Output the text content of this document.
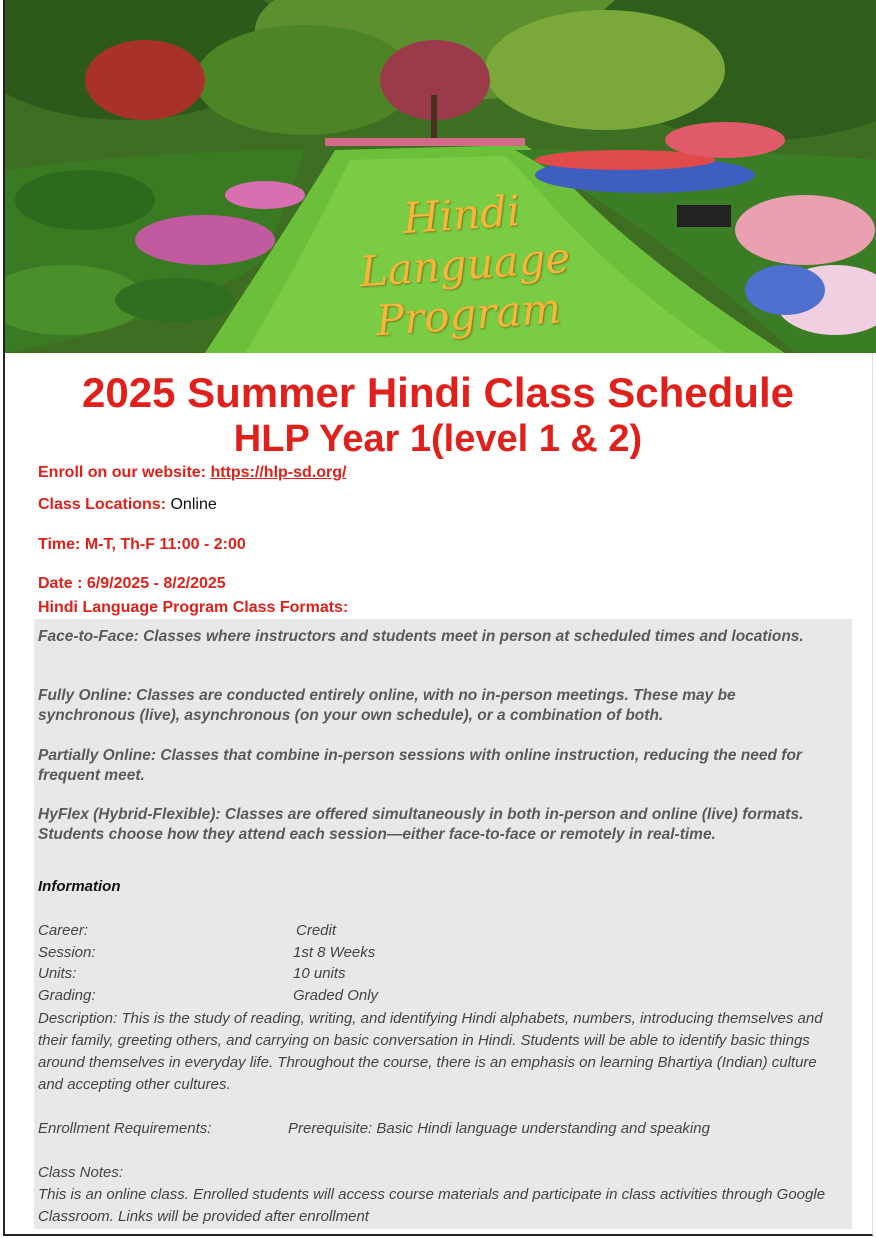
Hindi Language
Program
2025 Summer Hindi Class Schedule
HLP Year 1(level 1 & 2)
Enroll on our website: https://hlp-sd.org/
Class Locations: Online
Time: M-T, Th-F 11:00 - 2:00
Date : 6/9/2025 - 8/2/2025
Hindi Language Program Class Formats:

Face-to-Face: Classes where instructors and students meet in person at scheduled times and locations.

Fully Online: Classes are conducted entirely online, with no in-person meetings. These may be synchronous (live), asynchronous (on your own schedule), or a combination of both.

Partially Online: Classes that combine in-person sessions with online instruction, reducing the need for frequent meet.

HyFlex (Hybrid-Flexible): Classes are offered simultaneously in both in-person and online (live) formats. Students choose how they attend each session—either face-to-face or remotely in real-time.

Information

Career:	Credit
Session:	1st 8 Weeks
Units:	10 units
Grading:	Graded Only

Description: This is the study of reading, writing, and identifying Hindi alphabets, numbers, introducing themselves and their family, greeting others, and carrying on basic conversation in Hindi. Students will be able to identify basic things around themselves in everyday life. Throughout the course, there is an emphasis on learning Bhartiya (Indian) culture and accepting other cultures.

Enrollment Requirements:	Prerequisite: Basic Hindi language understanding and speaking
Class Notes:

This is an online class. Enrolled students will access course materials and participate in class activities through Google Classroom. Links will be provided after enrollment
